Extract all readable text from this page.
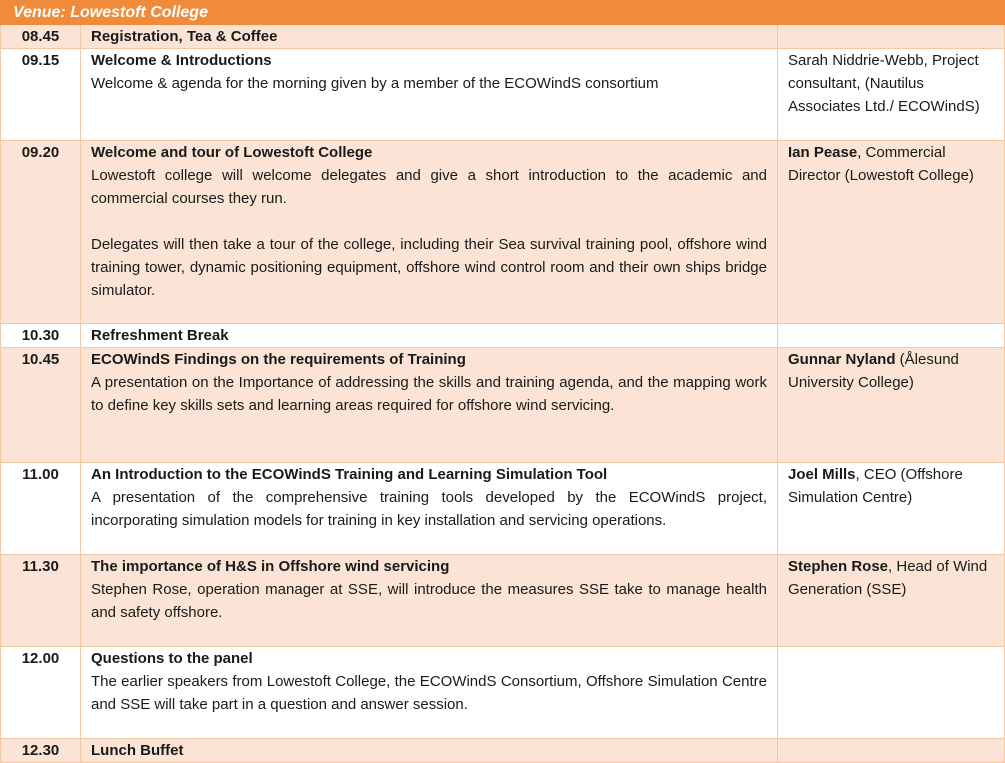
Venue: Lowestoft College		
08.45	Registration, Tea & Coffee	

09.15	Welcome & Introductions
Welcome & agenda for the morning given by a member of the ECOWindS consortium	Sarah Niddrie-Webb, Project consultant, (Nautilus Associates Ltd./ ECOWindS)
09.20	Welcome and tour of Lowestoft College
Lowestoft college will welcome delegates and give a short introduction to the academic and commercial courses they run.
Delegates will then take a tour of the college, including their Sea survival training pool, offshore wind training tower, dynamic positioning equipment, offshore wind control room and their own ships bridge simulator.	Ian Pease, Commercial Director (Lowestoft College)
10.30	Refreshment Break	

10.45	ECOWindS Findings on the requirements of Training
A presentation on the Importance of addressing the skills and training agenda, and the mapping work to define key skills sets and learning areas required for offshore wind servicing.	Gunnar Nyland (Ålesund University College)
11.00	An Introduction to the ECOWindS Training and Learning Simulation Tool
A presentation of the comprehensive training tools developed by the ECOWindS project, incorporating simulation models for training in key installation and servicing operations.	Joel Mills, CEO (Offshore Simulation Centre)
11.30	The importance of H&S in Offshore wind servicing
Stephen Rose, operation manager at SSE, will introduce the measures SSE take to manage health and safety offshore.	Stephen Rose, Head of Wind Generation (SSE)
12.00	Questions to the panel
The earlier speakers from Lowestoft College, the ECOWindS Consortium, Offshore Simulation Centre and SSE will take part in a question and answer session.	

12.30	Lunch Buffet	
